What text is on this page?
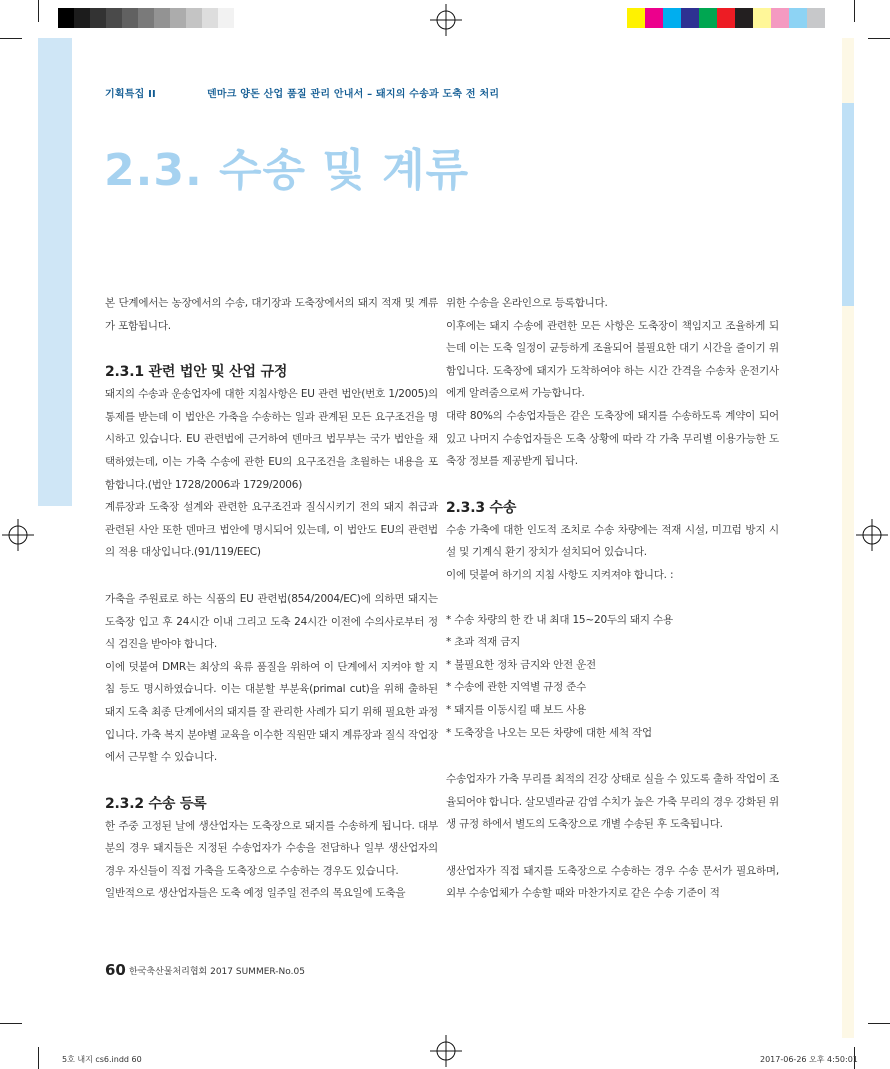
기획특집 II	덴마크 양돈 산업 품질 관리 안내서 – 돼지의 수송과 도축 전 처리
2.3. 수송 및 계류

본 단계에서는 농장에서의 수송, 대기장과 도축장에서의 돼지 적재 및 계류가 포함됩니다.

2.3.1 관련 법안 및 산업 규정

돼지의 수송과 운송업자에 대한 지침사항은 EU 관련 법안(번호 1/2005)의 통제를 받는데 이 법안은 가축을 수송하는 일과 관계된 모든 요구조건을 명시하고 있습니다. EU 관련법에 근거하여 덴마크 법무부는 국가 법안을 채택하였는데, 이는 가축 수송에 관한 EU의 요구조건을 초월하는 내용을 포함합니다.(법안 1728/2006과 1729/2006)

계류장과 도축장 설계와 관련한 요구조건과 질식시키기 전의 돼지 취급과 관련된 사안 또한 덴마크 법안에 명시되어 있는데, 이 법안도 EU의 관련법의 적용 대상입니다.(91/119/EEC)

가축을 주원료로 하는 식품의 EU 관련법(854/2004/EC)에 의하면 돼지는 도축장 입고 후 24시간 이내 그리고 도축 24시간 이전에 수의사로부터 정식 검진을 받아야 합니다.

이에 덧붙여 DMR는 최상의 육류 품질을 위하여 이 단계에서 지켜야 할 지침 등도 명시하였습니다. 이는 대분할 부분육(primal cut)을 위해 출하된 돼지 도축 최종 단계에서의 돼지를 잘 관리한 사례가 되기 위해 필요한 과정입니다. 가축 복지 분야별 교육을 이수한 직원만 돼지 계류장과 질식 작업장에서 근무할 수 있습니다.

2.3.2 수송 등록

한 주중 고정된 날에 생산업자는 도축장으로 돼지를 수송하게 됩니다. 대부분의 경우 돼지들은 지정된 수송업자가 수송을 전담하나 일부 생산업자의 경우 자신들이 직접 가축을 도축장으로 수송하는 경우도 있습니다.

일반적으로 생산업자들은 도축 예정 일주일 전주의 목요일에 도축을

위한 수송을 온라인으로 등록합니다.

이후에는 돼지 수송에 관련한 모든 사항은 도축장이 책임지고 조율하게 되는데 이는 도축 일정이 균등하게 조율되어 불필요한 대기 시간을 줄이기 위함입니다. 도축장에 돼지가 도착하여야 하는 시간 간격을 수송차 운전기사에게 알려줌으로써 가능합니다.

대략 80%의 수송업자들은 같은 도축장에 돼지를 수송하도록 계약이 되어 있고 나머지 수송업자들은 도축 상황에 따라 각 가축 무리별 이용가능한 도축장 정보를 제공받게 됩니다.

2.3.3 수송

수송 가축에 대한 인도적 조치로 수송 차량에는 적재 시설, 미끄럼 방지 시설 및 기계식 환기 장치가 설치되어 있습니다.

이에 덧붙여 하기의 지침 사항도 지켜져야 합니다. :

* 수송 차량의 한 칸 내 최대 15~20두의 돼지 수용

* 초과 적재 금지

* 불필요한 정차 금지와 안전 운전

* 수송에 관한 지역별 규정 준수

* 돼지를 이동시킬 때 보드 사용

* 도축장을 나오는 모든 차량에 대한 세척 작업

수송업자가 가축 무리를 최적의 건강 상태로 실을 수 있도록 출하 작업이 조율되어야 합니다. 살모넬라균 감염 수치가 높은 가축 무리의 경우 강화된 위생 규정 하에서 별도의 도축장으로 개별 수송된 후 도축됩니다.

생산업자가 직접 돼지를 도축장으로 수송하는 경우 수송 문서가 필요하며, 외부 수송업체가 수송할 때와 마찬가지로 같은 수송 기준이 적

60 한국축산물처리협회 2017 SUMMER-No.05
5호 내지 cs6.indd 60	2017-06-26 오후 4:50:01
